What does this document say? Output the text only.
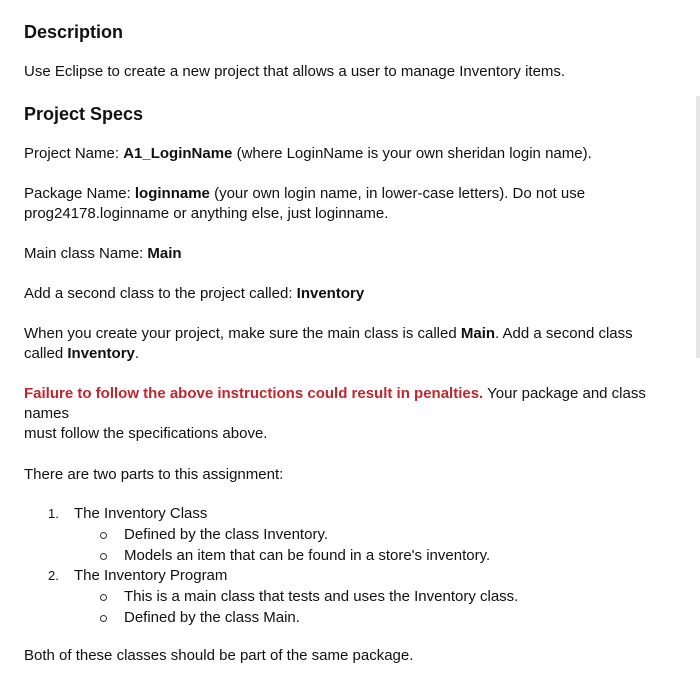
Description

Use Eclipse to create a new project that allows a user to manage Inventory items.

Project Specs

Project Name: A1_LoginName (where LoginName is your own sheridan login name).

Package Name: loginname (your own login name, in lower-case letters). Do not use
prog24178.loginname or anything else, just loginname.

Main class Name: Main

Add a second class to the project called: Inventory

When you create your project, make sure the main class is called Main. Add a second class
called Inventory.

Failure to follow the above instructions could result in penalties. Your package and class names
must follow the specifications above.

There are two parts to this assignment:

1. The Inventory Class
Defined by the class Inventory.
Models an item that can be found in a store's inventory.
2. The Inventory Program
This is a main class that tests and uses the Inventory class.
Defined by the class Main.

Both of these classes should be part of the same package.
